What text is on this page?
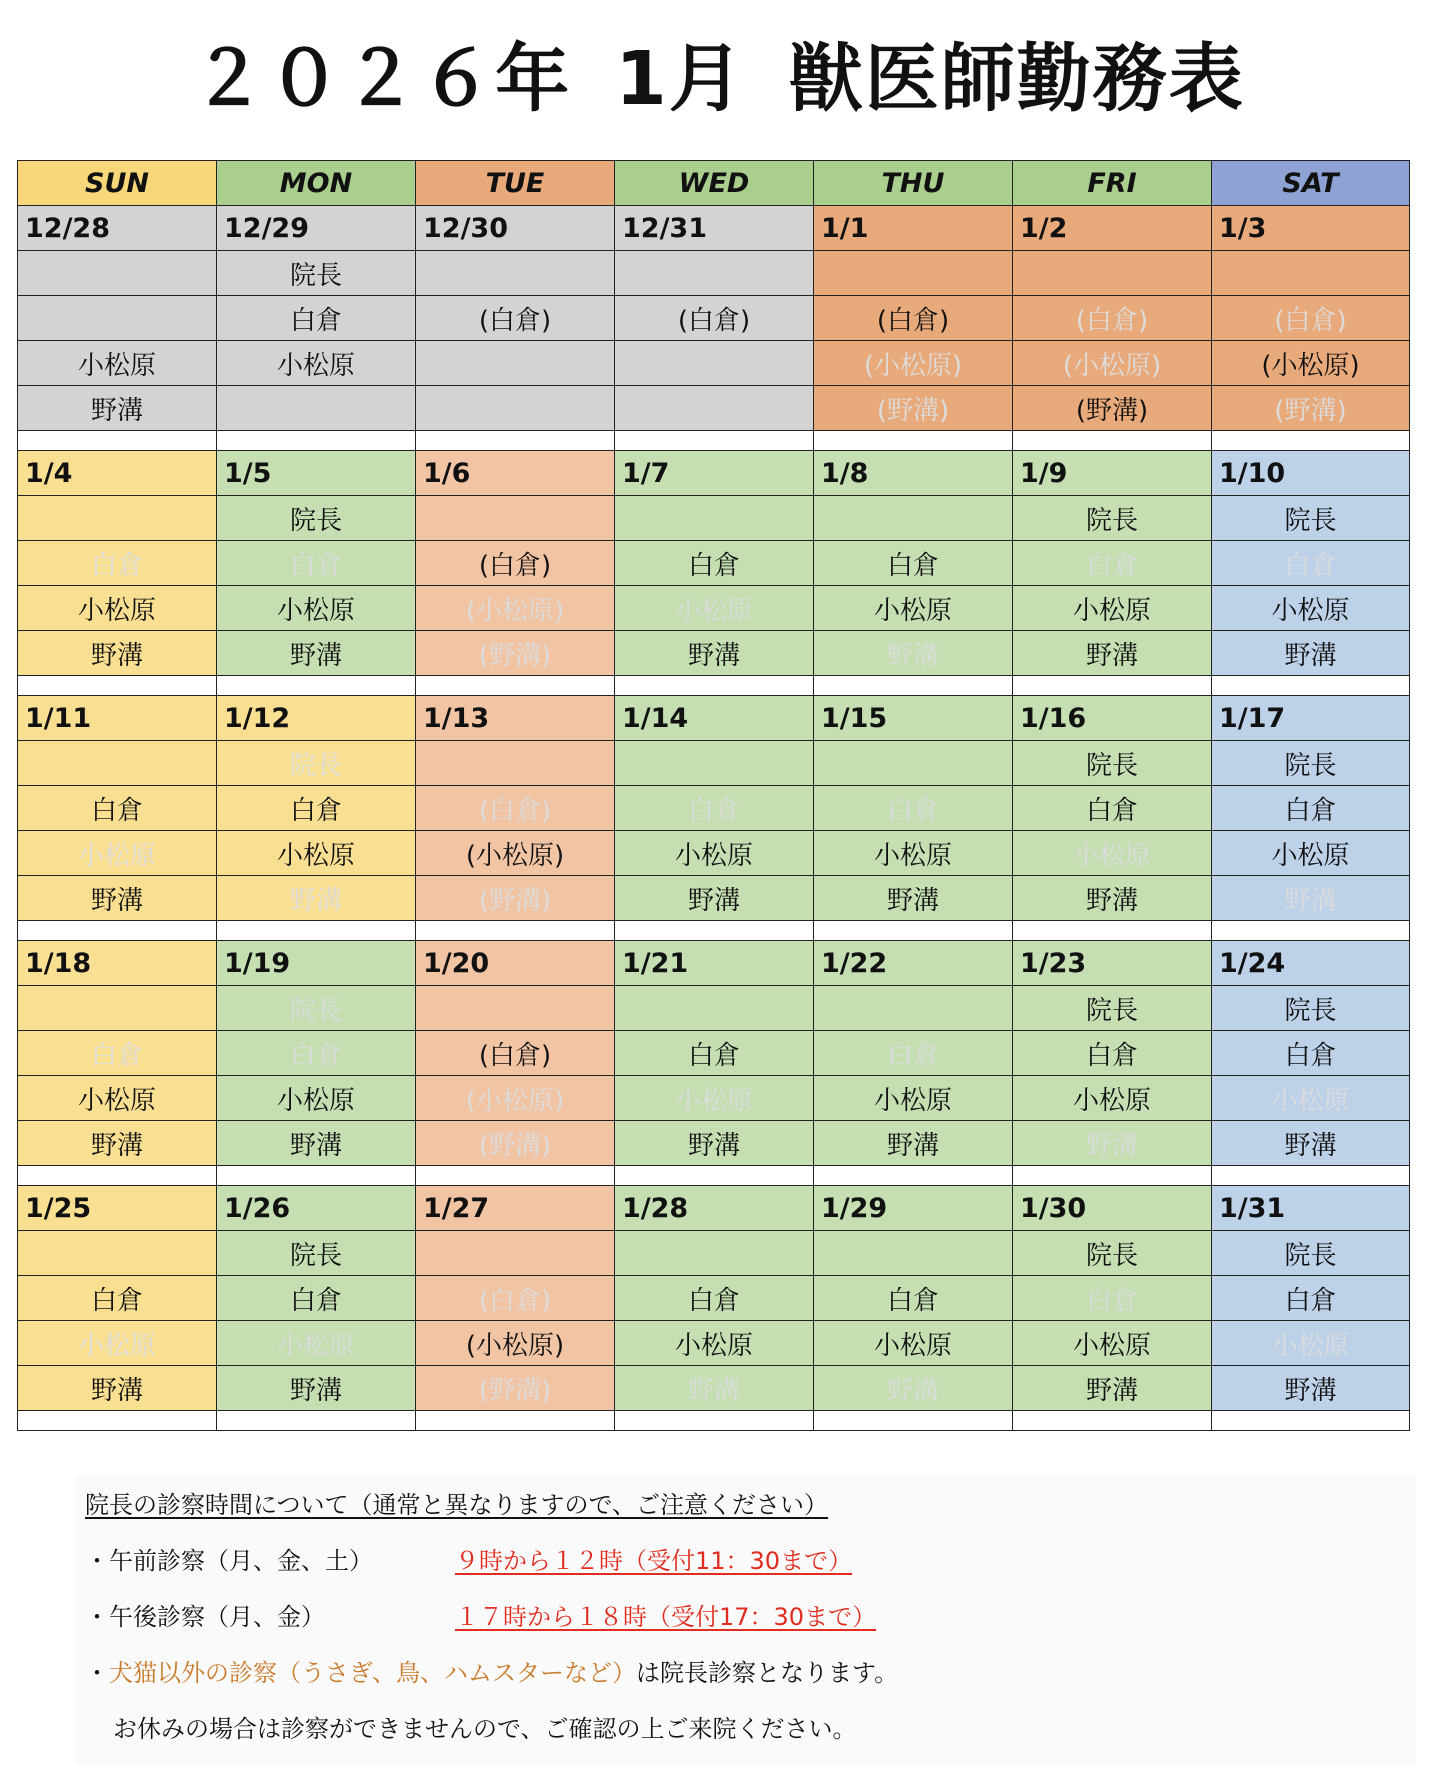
２０２６年 1月 獣医師勤務表
SUN	MON	TUE	WED	THU	FRI	SAT
12/28	12/29	12/30	12/31	1/1	1/2	1/3
	院長					
	白倉	(白倉)	(白倉)	(白倉)	(白倉)	(白倉)
小松原	小松原			(小松原)	(小松原)	(小松原)
野溝				(野溝)	(野溝)	(野溝)

1/4	1/5	1/6	1/7	1/8	1/9	1/10
	院長				院長	院長
白倉	白倉	(白倉)	白倉	白倉	白倉	白倉
小松原	小松原	(小松原)	小松原	小松原	小松原	小松原
野溝	野溝	(野溝)	野溝	野溝	野溝	野溝

1/11	1/12	1/13	1/14	1/15	1/16	1/17
	院長				院長	院長
白倉	白倉	(白倉)	白倉	白倉	白倉	白倉
小松原	小松原	(小松原)	小松原	小松原	小松原	小松原
野溝	野溝	(野溝)	野溝	野溝	野溝	野溝

1/18	1/19	1/20	1/21	1/22	1/23	1/24
	院長				院長	院長
白倉	白倉	(白倉)	白倉	白倉	白倉	白倉
小松原	小松原	(小松原)	小松原	小松原	小松原	小松原
野溝	野溝	(野溝)	野溝	野溝	野溝	野溝

1/25	1/26	1/27	1/28	1/29	1/30	1/31
	院長				院長	院長
白倉	白倉	(白倉)	白倉	白倉	白倉	白倉
小松原	小松原	(小松原)	小松原	小松原	小松原	小松原
野溝	野溝	(野溝)	野溝	野溝	野溝	野溝

院長の診察時間について（通常と異なりますので、ご注意ください）
・午前診察（月、金、土）	９時から１２時（受付11：30まで）
・午後診察（月、金）	１７時から１８時（受付17：30まで）
・犬猫以外の診察（うさぎ、鳥、ハムスターなど）は院長診察となります。
お休みの場合は診察ができませんので、ご確認の上ご来院ください。
